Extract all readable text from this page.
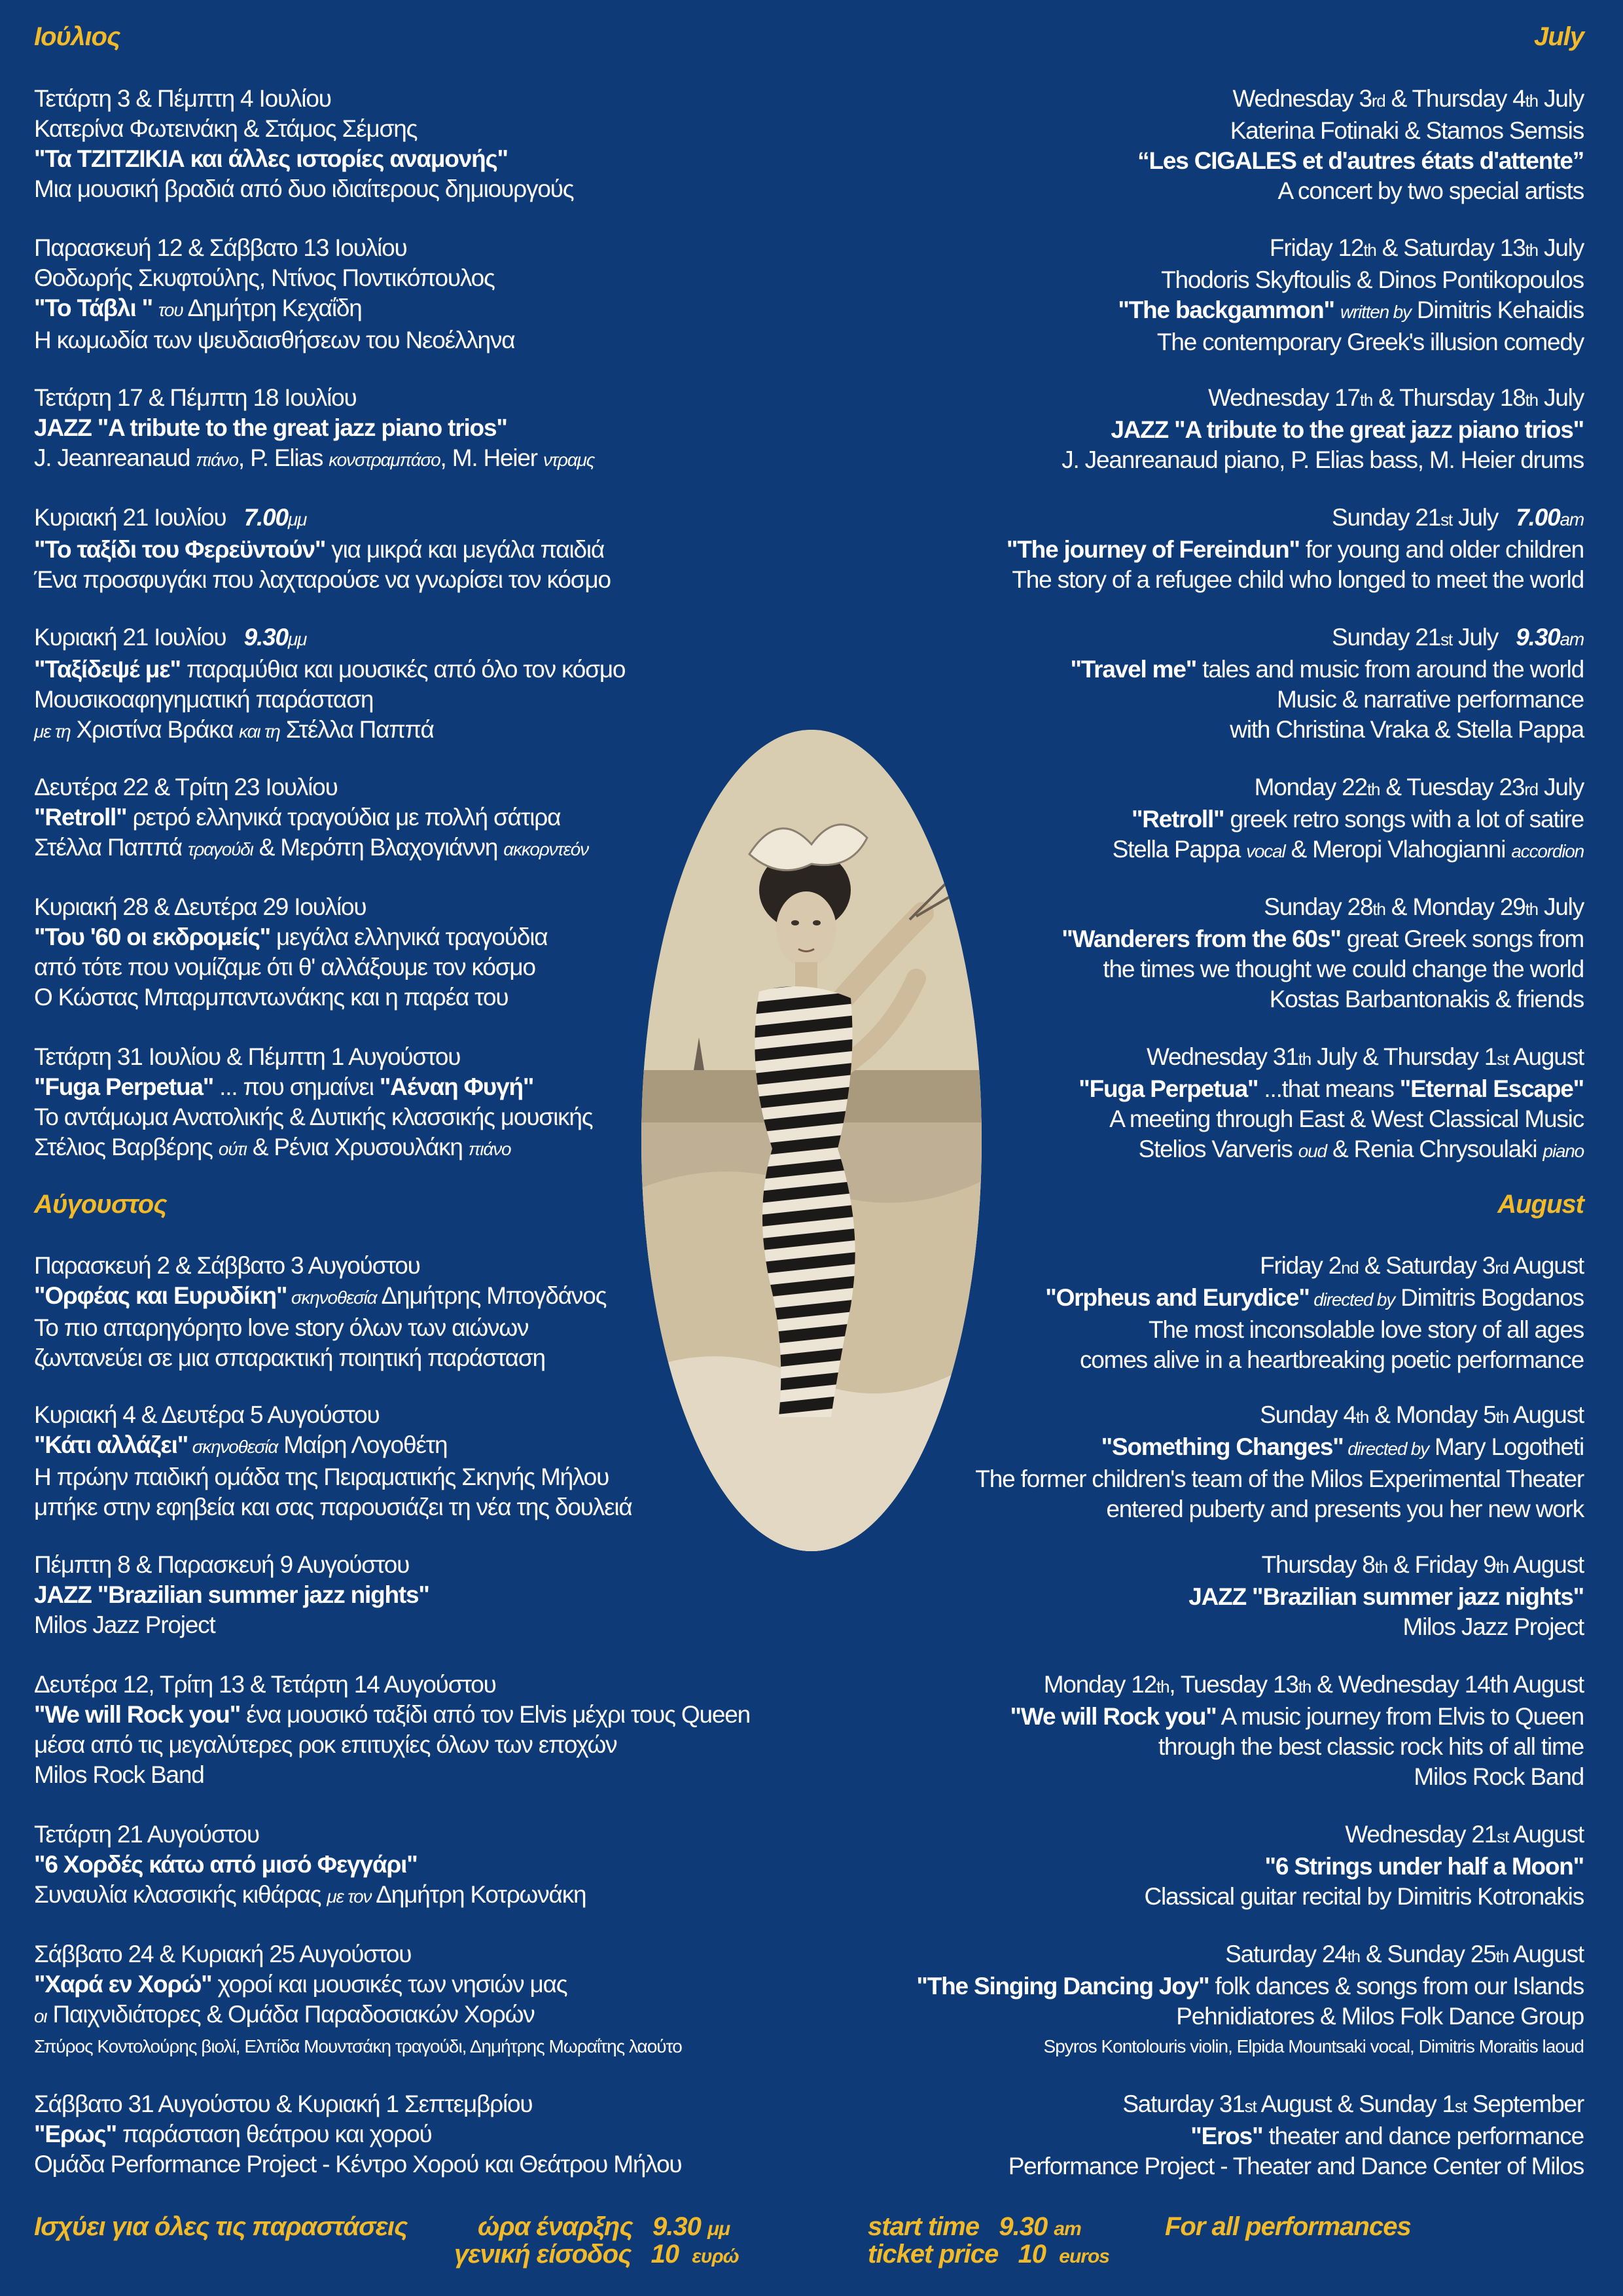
Ιούλιος	July
Αύγουστος	August
Τετάρτη 3 & Πέμπτη 4 Ιουλίου
Κατερίνα Φωτεινάκη & Στάμος Σέμσης
"Τα ΤΖΙΤΖΙΚΙΑ και άλλες ιστορίες αναμονής"
Μια μουσική βραδιά από δυο ιδιαίτερους δημιουργούς
Παρασκευή 12 & Σάββατο 13 Ιουλίου
Θοδωρής Σκυφτούλης, Ντίνος Ποντικόπουλος
"Το Τάβλι " του Δημήτρη Κεχαΐδη
Η κωμωδία των ψευδαισθήσεων του Νεοέλληνα
Τετάρτη 17 & Πέμπτη 18 Ιουλίου
JAZZ "A tribute to the great jazz piano trios"
J. Jeanreanaud πιάνο, P. Elias κονστραμπάσο, M. Heier ντραμς
Κυριακή 21 Ιουλίου 7.00μμ
"Το ταξίδι του Φερεϋντούν" για μικρά και μεγάλα παιδιά
Ένα προσφυγάκι που λαχταρούσε να γνωρίσει τον κόσμο
Κυριακή 21 Ιουλίου 9.30μμ
"Ταξίδεψέ με" παραμύθια και μουσικές από όλο τον κόσμο
Μουσικοαφηγηματική παράσταση
με τη Χριστίνα Βράκα και τη Στέλλα Παππά
Δευτέρα 22 & Τρίτη 23 Ιουλίου
"Retroll" ρετρό ελληνικά τραγούδια με πολλή σάτιρα
Στέλλα Παππά τραγούδι & Μερόπη Βλαχογιάννη ακκορντεόν
Κυριακή 28 & Δευτέρα 29 Ιουλίου
"Του '60 οι εκδρομείς" μεγάλα ελληνικά τραγούδια
από τότε που νομίζαμε ότι θ' αλλάξουμε τον κόσμο
Ο Κώστας Μπαρμπαντωνάκης και η παρέα του
Τετάρτη 31 Ιουλίου & Πέμπτη 1 Αυγούστου
"Fuga Perpetua" ... που σημαίνει "Αέναη Φυγή"
Το αντάμωμα Ανατολικής & Δυτικής κλασσικής μουσικής
Στέλιος Βαρβέρης ούτι & Ρένια Χρυσουλάκη πιάνο
Παρασκευή 2 & Σάββατο 3 Αυγούστου
"Ορφέας και Ευρυδίκη" σκηνοθεσία Δημήτρης Μπογδάνος
Το πιο απαρηγόρητο love story όλων των αιώνων
ζωντανεύει σε μια σπαρακτική ποιητική παράσταση
Κυριακή 4 & Δευτέρα 5 Αυγούστου
"Κάτι αλλάζει" σκηνοθεσία Μαίρη Λογοθέτη
Η πρώην παιδική ομάδα της Πειραματικής Σκηνής Μήλου
μπήκε στην εφηβεία και σας παρουσιάζει τη νέα της δουλειά
Πέμπτη 8 & Παρασκευή 9 Αυγούστου
JAZZ "Brazilian summer jazz nights"
Milos Jazz Project
Δευτέρα 12, Τρίτη 13 & Τετάρτη 14 Αυγούστου
"We will Rock you" ένα μουσικό ταξίδι από τον Elvis μέχρι τους Queen
μέσα από τις μεγαλύτερες ροκ επιτυχίες όλων των εποχών
Milos Rock Band
Τετάρτη 21 Αυγούστου
"6 Χορδές κάτω από μισό Φεγγάρι"
Συναυλία κλασσικής κιθάρας με τον Δημήτρη Κοτρωνάκη
Σάββατο 24 & Κυριακή 25 Αυγούστου
"Χαρά εν Χορώ" χοροί και μουσικές των νησιών μας
οι Παιχνιδιάτορες & Ομάδα Παραδοσιακών Χορών
Σπύρος Κοντολούρης βιολί, Ελπίδα Μουντσάκη τραγούδι, Δημήτρης Μωραΐτης λαούτο
Σάββατο 31 Αυγούστου & Κυριακή 1 Σεπτεμβρίου
"Ερως" παράσταση θεάτρου και χορού
Ομάδα Performance Project - Κέντρο Χορού και Θεάτρου Μήλου
Wednesday 3rd & Thursday 4th July
Katerina Fotinaki & Stamos Semsis
“Les CIGALES et d'autres états d'attente”
A concert by two special artists
Friday 12th & Saturday 13th July
Thodoris Skyftoulis & Dinos Pontikopoulos
"The backgammon" written by Dimitris Kehaidis
The contemporary Greek's illusion comedy
Wednesday 17th & Thursday 18th July
JAZZ "A tribute to the great jazz piano trios"
J. Jeanreanaud piano, P. Elias bass, M. Heier drums
Sunday 21st July 7.00am
"The journey of Fereindun" for young and older children
The story of a refugee child who longed to meet the world
Sunday 21st July 9.30am
"Travel me" tales and music from around the world
Music & narrative performance
with Christina Vraka & Stella Pappa
Monday 22th & Tuesday 23rd July
"Retroll" greek retro songs with a lot of satire
Stella Pappa vocal & Meropi Vlahogianni accordion
Sunday 28th & Monday 29th July
"Wanderers from the 60s" great Greek songs from
the times we thought we could change the world
Kostas Barbantonakis & friends
Wednesday 31th July & Thursday 1st August
"Fuga Perpetua" ...that means "Eternal Escape"
A meeting through East & West Classical Music
Stelios Varveris oud & Renia Chrysoulaki piano
Friday 2nd & Saturday 3rd August
"Orpheus and Eurydice" directed by Dimitris Bogdanos
The most inconsolable love story of all ages
comes alive in a heartbreaking poetic performance
Sunday 4th & Monday 5th August
"Something Changes" directed by Mary Logotheti
The former children's team of the Milos Experimental Theater
entered puberty and presents you her new work
Thursday 8th & Friday 9th August
JAZZ "Brazilian summer jazz nights"
Milos Jazz Project
Monday 12th, Tuesday 13th & Wednesday 14th August
"We will Rock you" A music journey from Elvis to Queen
through the best classic rock hits of all time
Milos Rock Band
Wednesday 21st August
"6 Strings under half a Moon"
Classical guitar recital by Dimitris Kotronakis
Saturday 24th & Sunday 25th August
"The Singing Dancing Joy" folk dances & songs from our Islands
Pehnidiatores & Milos Folk Dance Group
Spyros Kontolouris violin, Elpida Mountsaki vocal, Dimitris Moraitis laoud
Saturday 31st August & Sunday 1st September
"Eros" theater and dance performance
Performance Project - Theater and Dance Center of Milos
Ισχύει για όλες τις παραστάσεις	ώρα έναρξης 9.30 μμ
γενική είσοδος 10 ευρώ
start time 9.30 am
ticket price 10 euros
For all performances
